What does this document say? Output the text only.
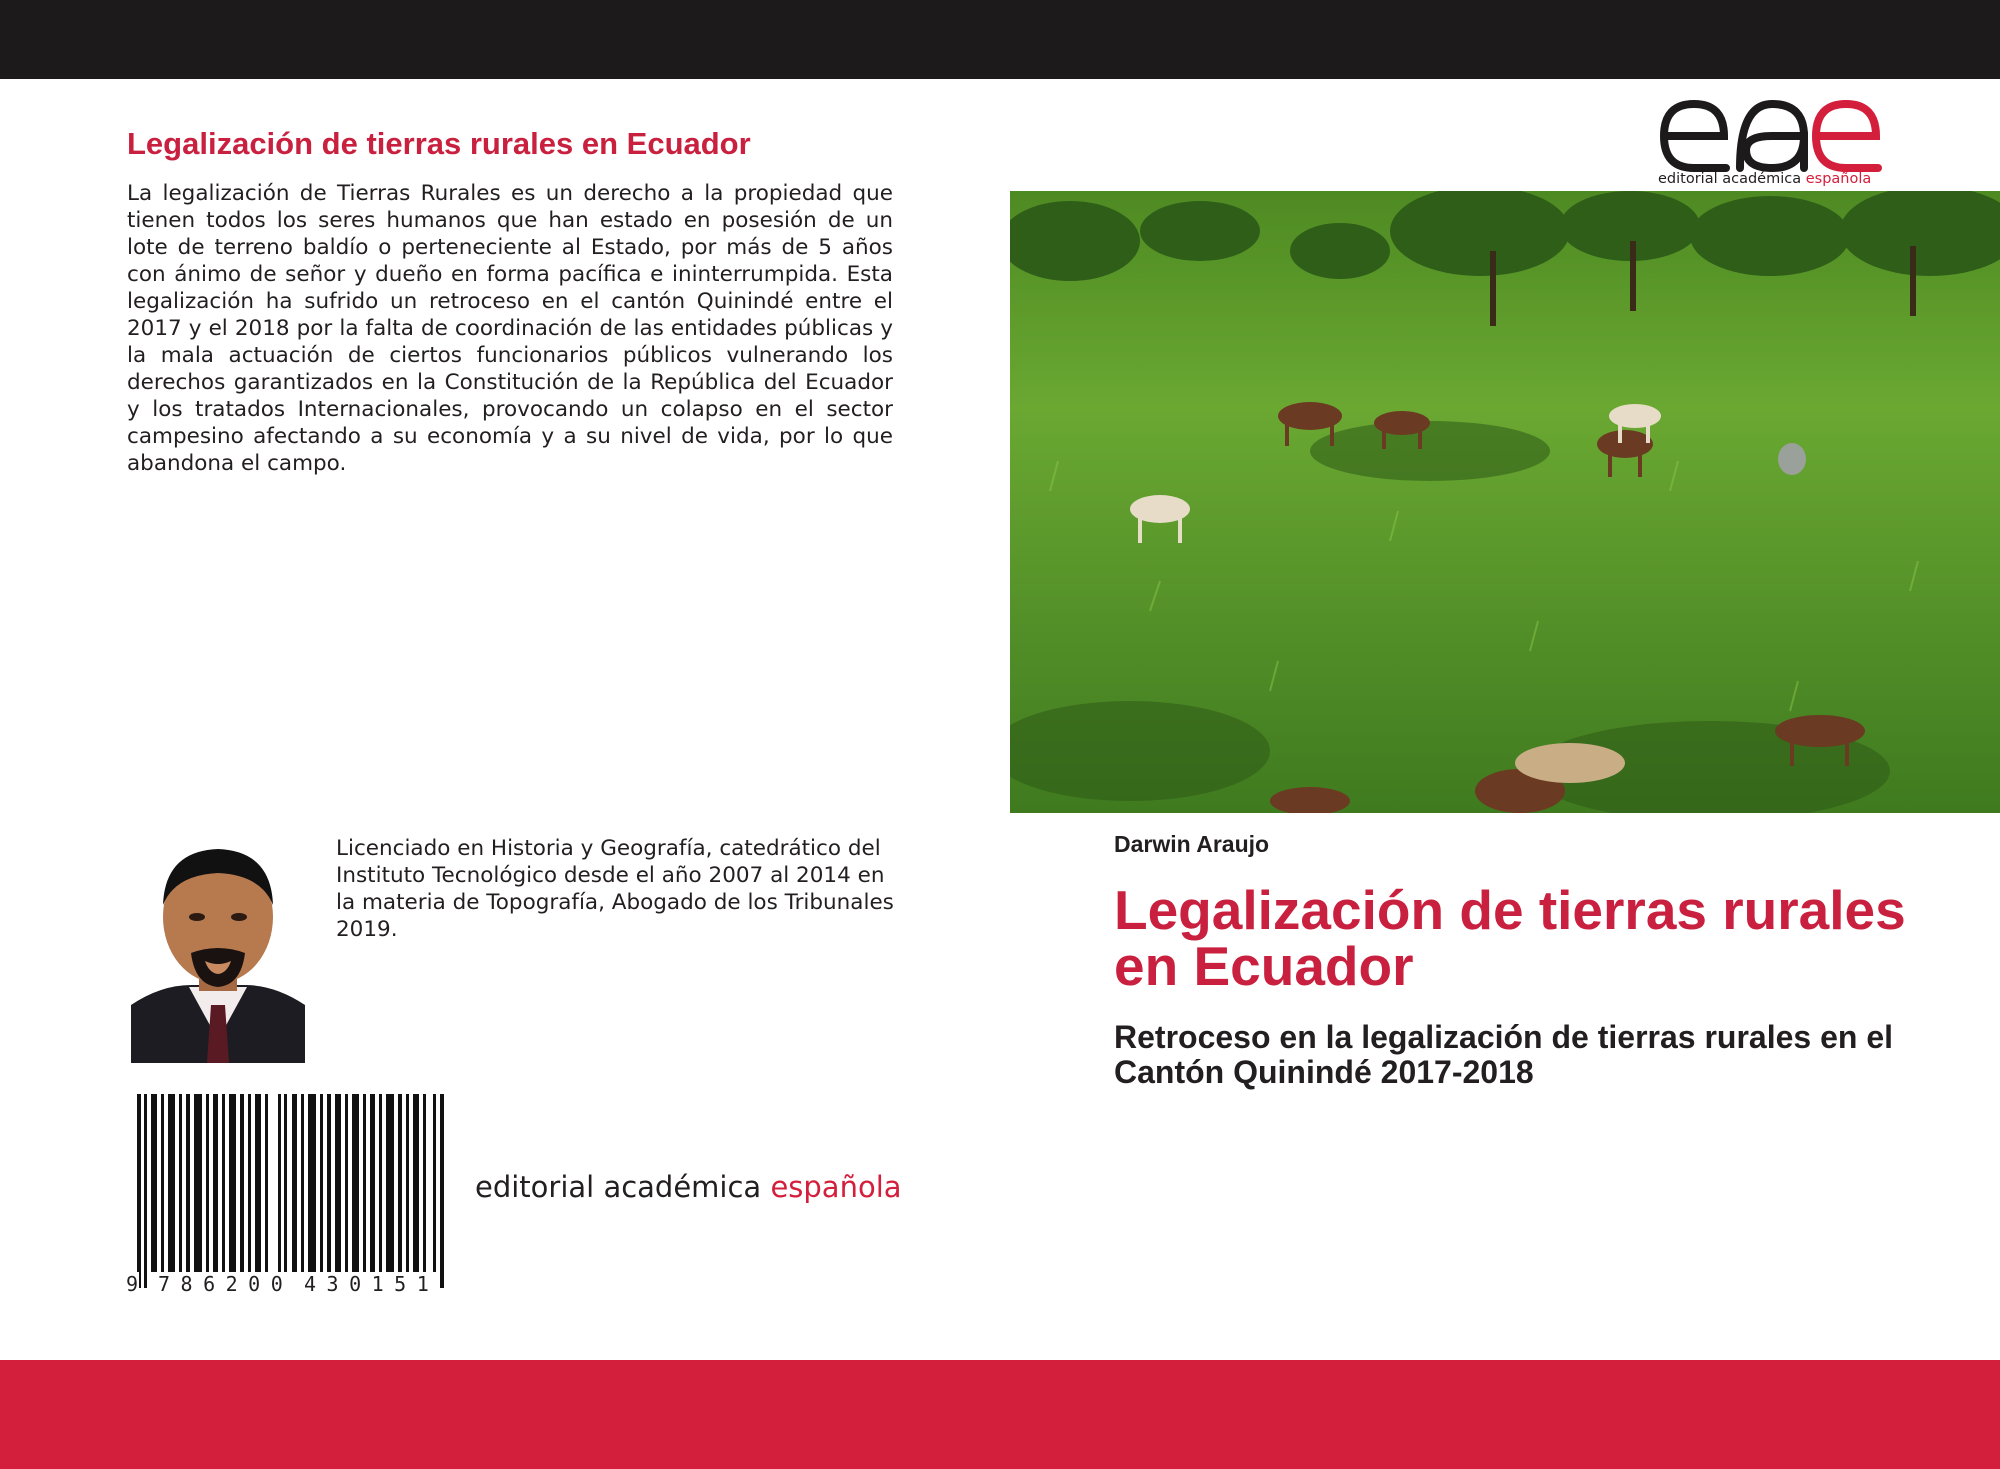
Legalización de tierras rurales en Ecuador

La legalización de Tierras Rurales es un derecho a la propiedad que tienen todos los seres humanos que han estado en posesión de un lote de terreno baldío o perteneciente al Estado, por más de 5 años con ánimo de señor y dueño en forma pacífica e ininterrumpida. Esta legalización ha sufrido un retroceso en el cantón Quinindé entre el 2017 y el 2018 por la falta de coordinación de las entidades públicas y la mala actuación de ciertos funcionarios públicos vulnerando los derechos garantizados en la Constitución de la República del Ecuador y los tratados Internacionales, provocando un colapso en el sector campesino afectando a su economía y a su nivel de vida, por lo que abandona el campo.

Licenciado en Historia y Geografía, catedrático del Instituto Tecnológico desde el año 2007 al 2014 en la materia de Topografía, Abogado de los Tribunales 2019.

9 786200 430151
editorial académica española
editorial académica española
Darwin Araujo
Legalización de tierras rurales en Ecuador

Retroceso en la legalización de tierras rurales en el Cantón Quinindé 2017-2018
